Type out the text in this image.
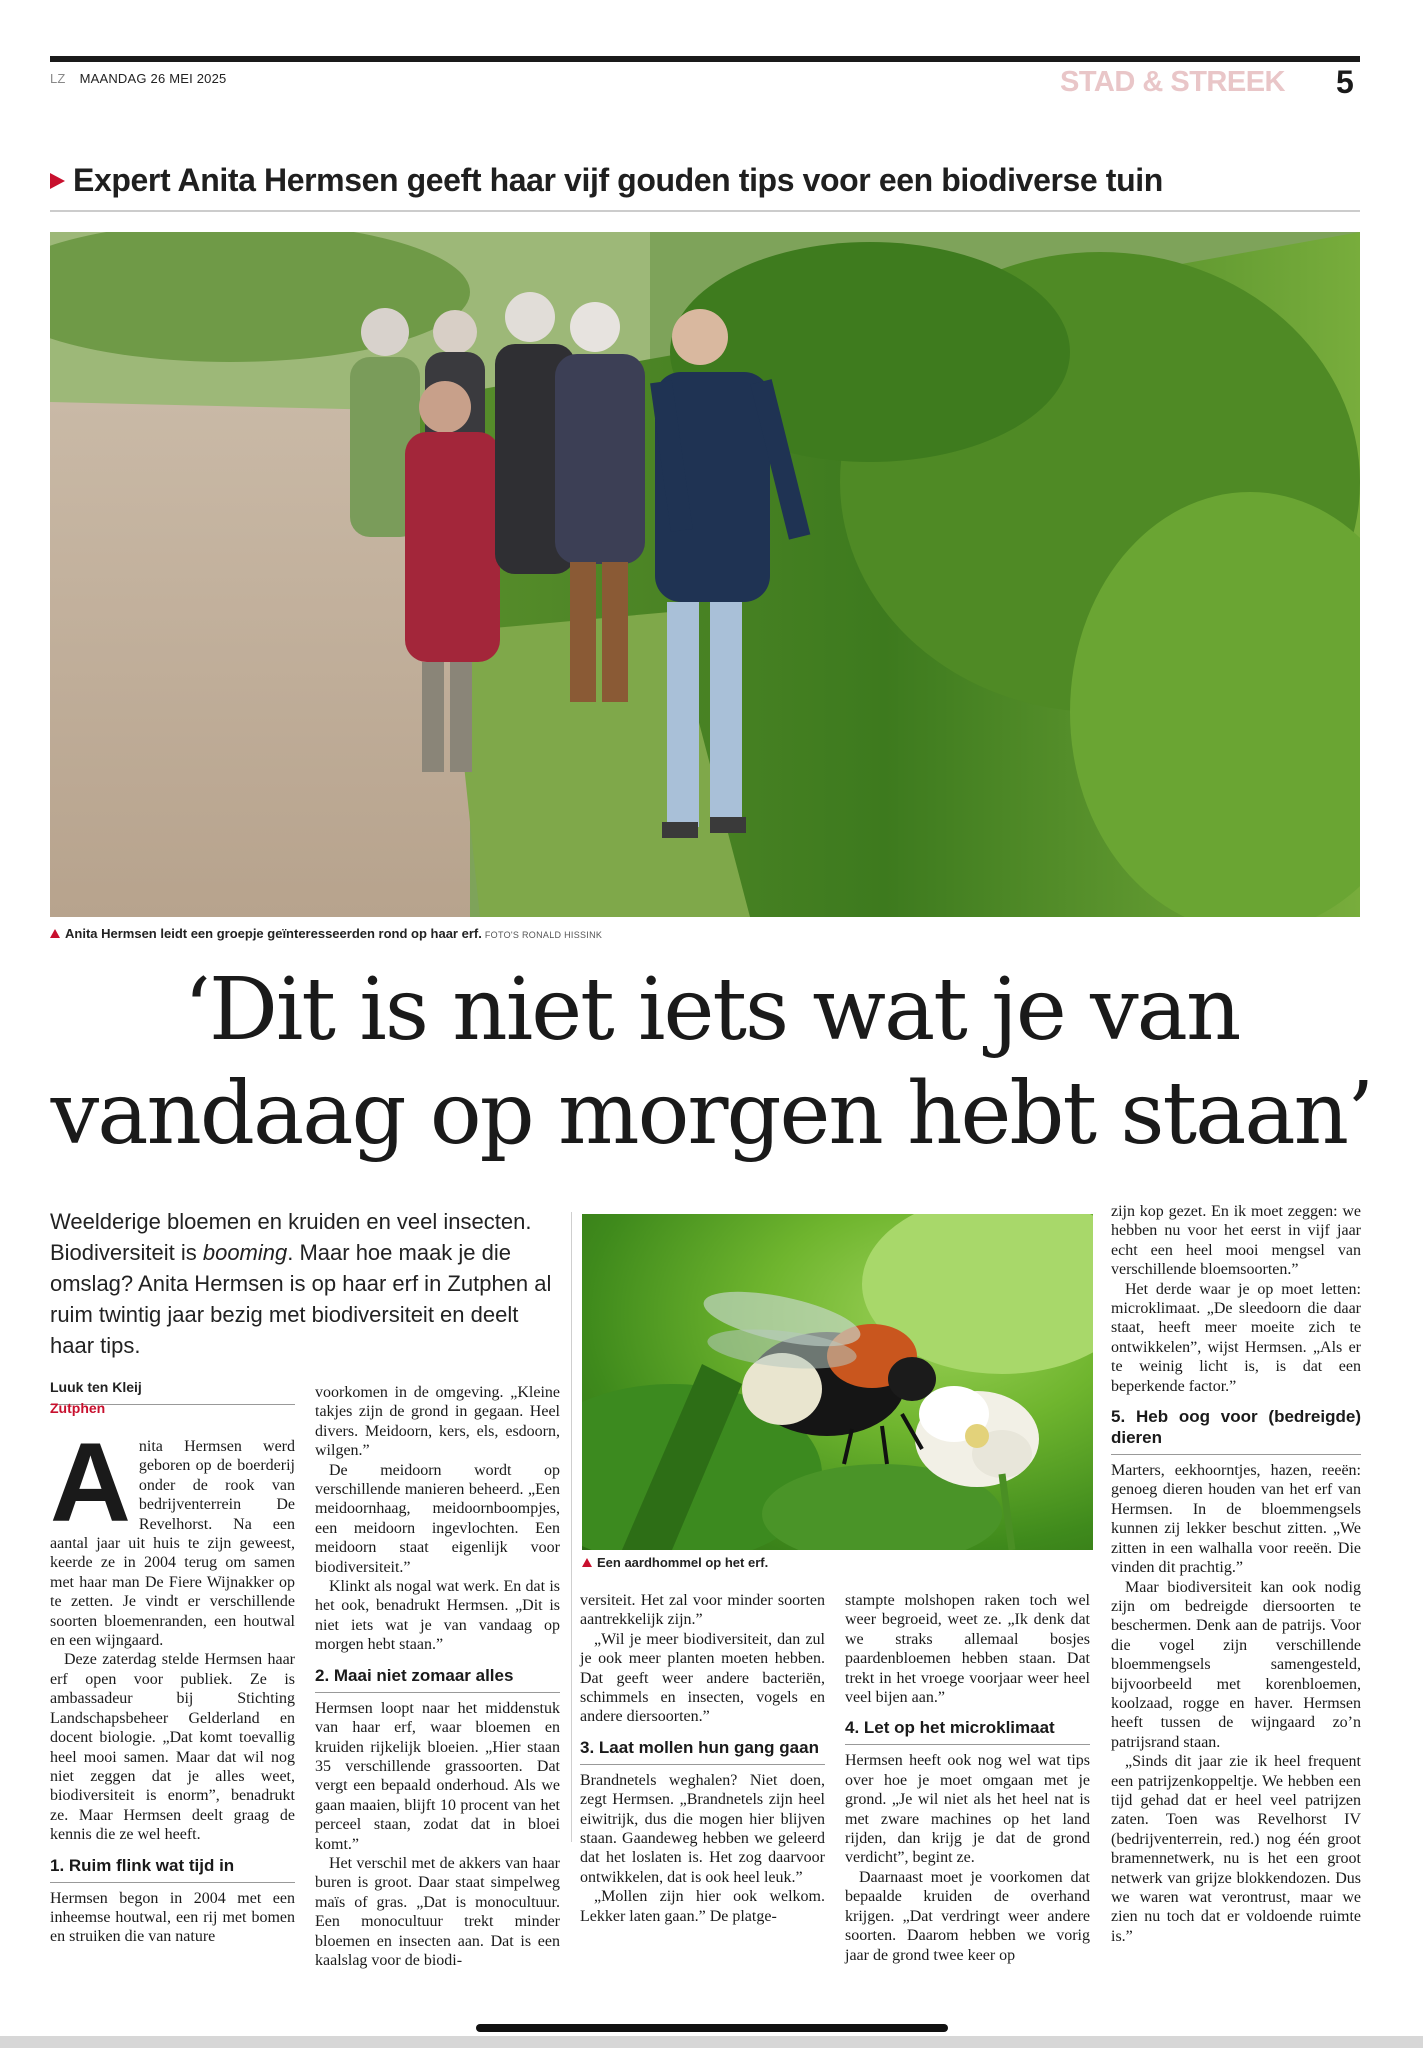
LZ MAANDAG 26 MEI 2025	STAD & STREEK 5
Expert Anita Hermsen geeft haar vijf gouden tips voor een biodiverse tuin
Anita Hermsen leidt een groepje geïnteresseerden rond op haar erf. FOTO'S RONALD HISSINK
‘Dit is niet iets wat je van vandaag op morgen hebt staan’
Weelderige bloemen en kruiden en veel insecten. Biodiversiteit is booming. Maar hoe maak je die omslag? Anita Hermsen is op haar erf in Zutphen al ruim twintig jaar bezig met biodiversiteit en deelt haar tips.
Luuk ten Kleij
Zutphen
A nita Hermsen werd geboren op de boerderij onder de rook van bedrijventerrein De Revelhorst. Na een aantal jaar uit huis te zijn geweest, keerde ze in 2004 terug om samen met haar man De Fiere Wijnakker op te zetten. Je vindt er verschillende soorten bloemenranden, een houtwal en een wijngaard.

Deze zaterdag stelde Hermsen haar erf open voor publiek. Ze is ambassadeur bij Stichting Landschapsbeheer Gelderland en docent biologie. „Dat komt toevallig heel mooi samen. Maar dat wil nog niet zeggen dat je alles weet, biodiversiteit is enorm”, benadrukt ze. Maar Hermsen deelt graag de kennis die ze wel heeft.

1. Ruim flink wat tijd in

Hermsen begon in 2004 met een inheemse houtwal, een rij met bomen en struiken die van nature

voorkomen in de omgeving. „Kleine takjes zijn de grond in gegaan. Heel divers. Meidoorn, kers, els, esdoorn, wilgen.”

De meidoorn wordt op verschillende manieren beheerd. „Een meidoornhaag, meidoornboompjes, een meidoorn ingevlochten. Een meidoorn staat eigenlijk voor biodiversiteit.”

Klinkt als nogal wat werk. En dat is het ook, benadrukt Hermsen. „Dit is niet iets wat je van vandaag op morgen hebt staan.”

2. Maai niet zomaar alles

Hermsen loopt naar het middenstuk van haar erf, waar bloemen en kruiden rijkelijk bloeien. „Hier staan 35 verschillende grassoorten. Dat vergt een bepaald onderhoud. Als we gaan maaien, blijft 10 procent van het perceel staan, zodat dat in bloei komt.”

Het verschil met de akkers van haar buren is groot. Daar staat simpelweg maïs of gras. „Dat is monocultuur. Een monocultuur trekt minder bloemen en insecten aan. Dat is een kaalslag voor de biodi-

Een aardhommel op het erf.

versiteit. Het zal voor minder soorten aantrekkelijk zijn.”

„Wil je meer biodiversiteit, dan zul je ook meer planten moeten hebben. Dat geeft weer andere bacteriën, schimmels en insecten, vogels en andere diersoorten.”

3. Laat mollen hun gang gaan

Brandnetels weghalen? Niet doen, zegt Hermsen. „Brandnetels zijn heel eiwitrijk, dus die mogen hier blijven staan. Gaandeweg hebben we geleerd dat het loslaten is. Het zog daarvoor ontwikkelen, dat is ook heel leuk.”

„Mollen zijn hier ook welkom. Lekker laten gaan.” De platge-

stampte molshopen raken toch wel weer begroeid, weet ze. „Ik denk dat we straks allemaal bosjes paardenbloemen hebben staan. Dat trekt in het vroege voorjaar weer heel veel bijen aan.”

4. Let op het microklimaat

Hermsen heeft ook nog wel wat tips over hoe je moet omgaan met je grond. „Je wil niet als het heel nat is met zware machines op het land rijden, dan krijg je dat de grond verdicht”, begint ze.

Daarnaast moet je voorkomen dat bepaalde kruiden de overhand krijgen. „Dat verdringt weer andere soorten. Daarom hebben we vorig jaar de grond twee keer op

zijn kop gezet. En ik moet zeggen: we hebben nu voor het eerst in vijf jaar echt een heel mooi mengsel van verschillende bloemsoorten.”

Het derde waar je op moet letten: microklimaat. „De sleedoorn die daar staat, heeft meer moeite zich te ontwikkelen”, wijst Hermsen. „Als er te weinig licht is, is dat een beperkende factor.”

5. Heb oog voor (bedreigde) dieren

Marters, eekhoorntjes, hazen, reeën: genoeg dieren houden van het erf van Hermsen. In de bloemmengsels kunnen zij lekker beschut zitten. „We zitten in een walhalla voor reeën. Die vinden dit prachtig.”

Maar biodiversiteit kan ook nodig zijn om bedreigde diersoorten te beschermen. Denk aan de patrijs. Voor die vogel zijn verschillende bloemmengsels samengesteld, bijvoorbeeld met korenbloemen, koolzaad, rogge en haver. Hermsen heeft tussen de wijngaard zo’n patrijsrand staan.

„Sinds dit jaar zie ik heel frequent een patrijzenkoppeltje. We hebben een tijd gehad dat er heel veel patrijzen zaten. Toen was Revelhorst IV (bedrijventerrein, red.) nog één groot bramennetwerk, nu is het een groot netwerk van grijze blokkendozen. Dus we waren wat verontrust, maar we zien nu toch dat er voldoende ruimte is.”
